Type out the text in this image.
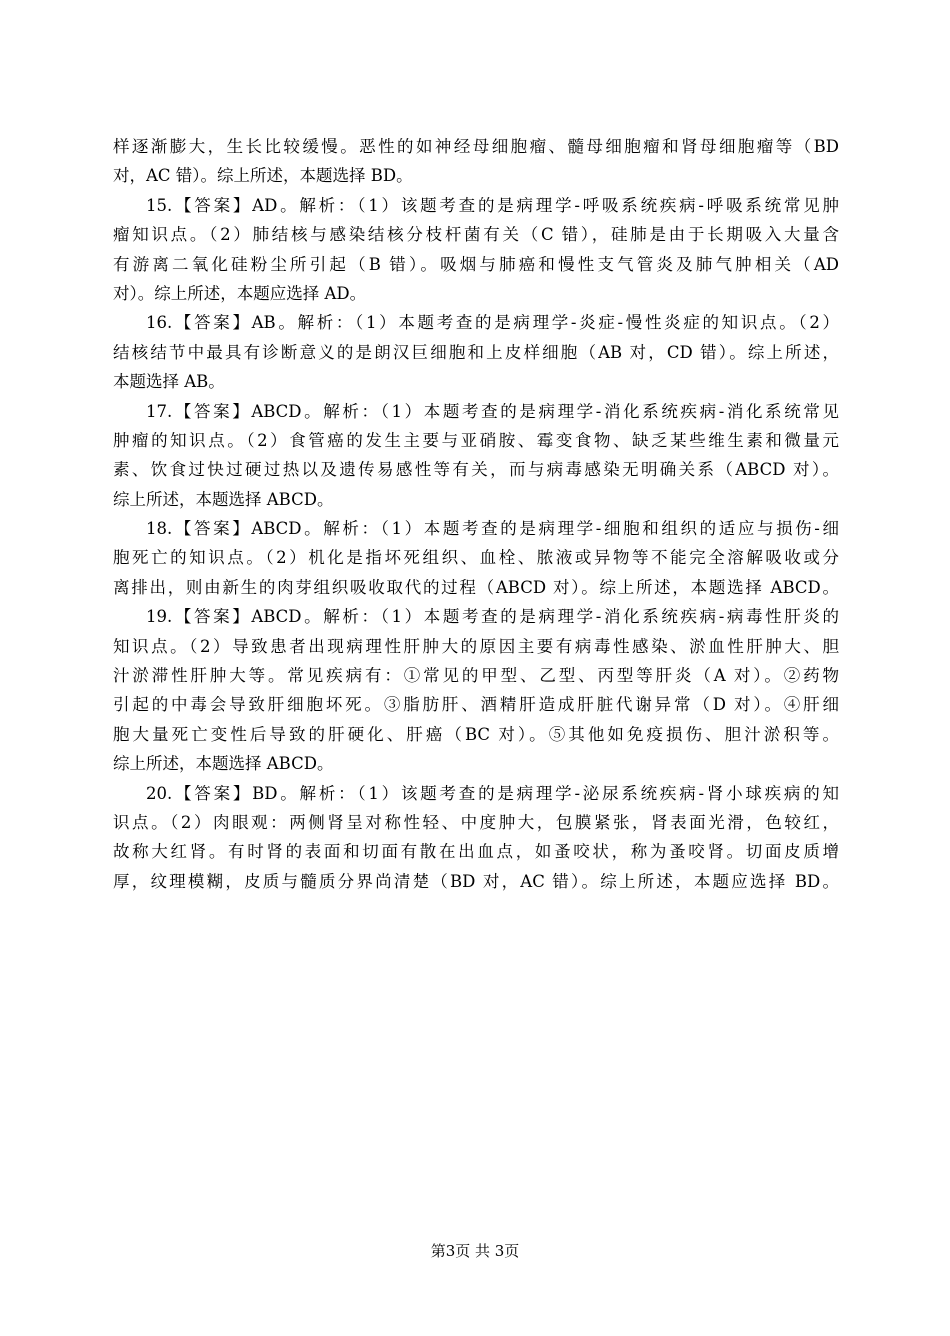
样逐渐膨大，生长比较缓慢。恶性的如神经母细胞瘤、髓母细胞瘤和肾母细胞瘤等（BD
对，AC 错）。综上所述，本题选择 BD。
15.【答案】AD。解析：（1）该题考查的是病理学-呼吸系统疾病-呼吸系统常见肿
瘤知识点。（2）肺结核与感染结核分枝杆菌有关（C 错），硅肺是由于长期吸入大量含
有游离二氧化硅粉尘所引起（B 错）。吸烟与肺癌和慢性支气管炎及肺气肿相关（AD
对）。综上所述，本题应选择 AD。
16.【答案】AB。解析：（1）本题考查的是病理学-炎症-慢性炎症的知识点。（2）
结核结节中最具有诊断意义的是朗汉巨细胞和上皮样细胞（AB 对，CD 错）。综上所述，
本题选择 AB。
17.【答案】ABCD。解析：（1）本题考查的是病理学-消化系统疾病-消化系统常见
肿瘤的知识点。（2）食管癌的发生主要与亚硝胺、霉变食物、缺乏某些维生素和微量元
素、饮食过快过硬过热以及遗传易感性等有关，而与病毒感染无明确关系（ABCD 对）。
综上所述，本题选择 ABCD。
18.【答案】ABCD。解析：（1）本题考查的是病理学-细胞和组织的适应与损伤-细
胞死亡的知识点。（2）机化是指坏死组织、血栓、脓液或异物等不能完全溶解吸收或分
离排出，则由新生的肉芽组织吸收取代的过程（ABCD 对）。综上所述，本题选择 ABCD。
19.【答案】ABCD。解析：（1）本题考查的是病理学-消化系统疾病-病毒性肝炎的
知识点。（2）导致患者出现病理性肝肿大的原因主要有病毒性感染、淤血性肝肿大、胆
汁淤滞性肝肿大等。常见疾病有：①常见的甲型、乙型、丙型等肝炎（A 对）。②药物
引起的中毒会导致肝细胞坏死。③脂肪肝、酒精肝造成肝脏代谢异常（D 对）。④肝细
胞大量死亡变性后导致的肝硬化、肝癌（BC 对）。⑤其他如免疫损伤、胆汁淤积等。
综上所述，本题选择 ABCD。
20.【答案】BD。解析：（1）该题考查的是病理学-泌尿系统疾病-肾小球疾病的知
识点。（2）肉眼观：两侧肾呈对称性轻、中度肿大，包膜紧张，肾表面光滑，色较红，
故称大红肾。有时肾的表面和切面有散在出血点，如蚤咬状，称为蚤咬肾。切面皮质增
厚，纹理模糊，皮质与髓质分界尚清楚（BD 对，AC 错）。综上所述，本题应选择 BD。
第3页 共 3页
